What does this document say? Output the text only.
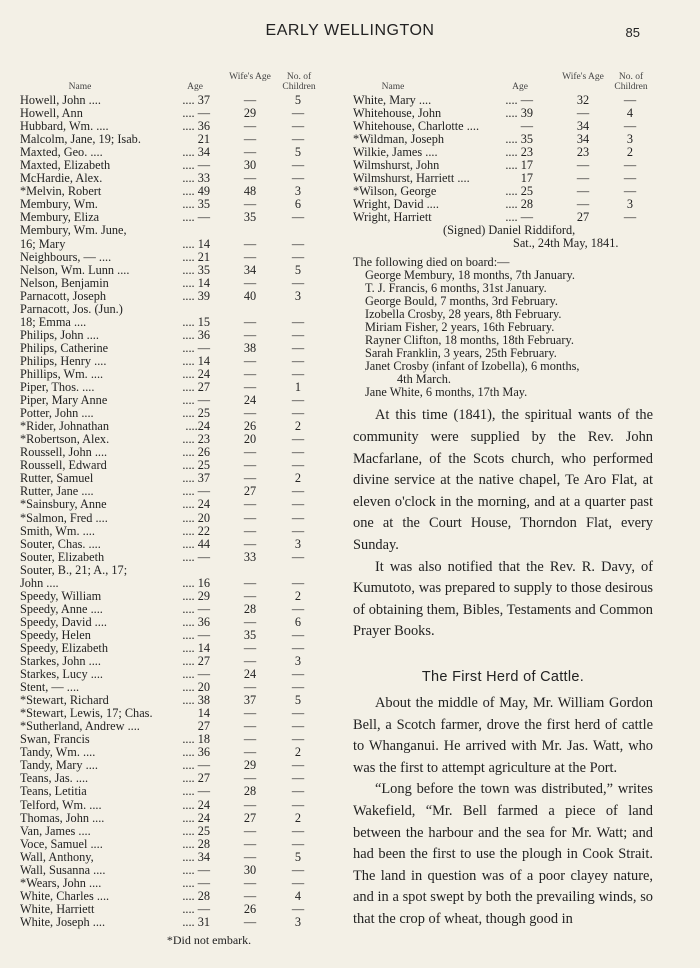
EARLY WELLINGTON	85
Name	Age
Wife's Age	No. of Children
Howell, John ....	.... 37	—	5
Howell, Ann	.... —	29	—
Hubbard, Wm. ....	.... 36	—	—
Malcolm, Jane, 19; Isab.	21	—	—
Maxted, Geo. ....	.... 34	—	5
Maxted, Elizabeth	.... —	30	—
McHardie, Alex.	.... 33	—	—
*Melvin, Robert	.... 49	48	3
Membury, Wm.	.... 35	—	6
Membury, Eliza	.... —	35	—
Membury, Wm. June,
16; Mary	.... 14	—	—
Neighbours, — ....	.... 21	—	—
Nelson, Wm. Lunn ....	.... 35	34	5
Nelson, Benjamin	.... 14	—	—
Parnacott, Joseph	.... 39	40	3
Parnacott, Jos. (Jun.)
18; Emma ....	.... 15	—	—
Philips, John ....	.... 36	—	—
Philips, Catherine	.... —	38	—
Philips, Henry ....	.... 14	—	—
Phillips, Wm. ....	.... 24	—	—
Piper, Thos. ....	.... 27	—	1
Piper, Mary Anne	.... —	24	—
Potter, John ....	.... 25	—	—
*Rider, Johnathan	....24	26	2
*Robertson, Alex.	.... 23	20	—
Roussell, John ....	.... 26	—	—
Roussell, Edward	.... 25	—	—
Rutter, Samuel	.... 37	—	2
Rutter, Jane ....	.... —	27	—
*Sainsbury, Anne	.... 24	—	—
*Salmon, Fred ....	.... 20	—	—
Smith, Wm. ....	.... 22	—	—
Souter, Chas. ....	.... 44	—	3
Souter, Elizabeth	.... —	33	—
Souter, B., 21; A., 17;
John ....	.... 16	—	—
Speedy, William	.... 29	—	2
Speedy, Anne ....	.... —	28	—
Speedy, David ....	.... 36	—	6
Speedy, Helen	.... —	35	—
Speedy, Elizabeth	.... 14	—	—
Starkes, John ....	.... 27	—	3
Starkes, Lucy ....	.... —	24	—
Stent, — ....	.... 20	—	—
*Stewart, Richard	.... 38	37	5
*Stewart, Lewis, 17; Chas.	14	—	—
*Sutherland, Andrew ....	27	—	—
Swan, Francis	.... 18	—	—
Tandy, Wm. ....	.... 36	—	2
Tandy, Mary ....	.... —	29	—
Teans, Jas. ....	.... 27	—	—
Teans, Letitia	.... —	28	—
Telford, Wm. ....	.... 24	—	—
Thomas, John ....	.... 24	27	2
Van, James ....	.... 25	—	—
Voce, Samuel ....	.... 28	—	—
Wall, Anthony,	.... 34	—	5
Wall, Susanna ....	.... —	30	—
*Wears, John ....	.... —	—	—
White, Charles ....	.... 28	—	4
White, Harriett	.... —	26	—
White, Joseph ....	.... 31	—	3
*Did not embark.
Name	Age
Wife's Age	No. of Children
White, Mary ....	.... —	32	—
Whitehouse, John	.... 39	—	4
Whitehouse, Charlotte ....	—	34	—
*Wildman, Joseph	.... 35	34	3
Wilkie, James ....	.... 23	23	2
Wilmshurst, John	.... 17	—	—
Wilmshurst, Harriett ....	17	—	—
*Wilson, George	.... 25	—	—
Wright, David ....	.... 28	—	3
Wright, Harriett	.... —	27	—
(Signed) Daniel Riddiford,
Sat., 24th May, 1841.
The following died on board:—
George Membury, 18 months, 7th January.
T. J. Francis, 6 months, 31st January.
George Bould, 7 months, 3rd February.
Izobella Crosby, 28 years, 8th February.
Miriam Fisher, 2 years, 16th February.
Rayner Clifton, 18 months, 18th February.
Sarah Franklin, 3 years, 25th February.
Janet Crosby (infant of Izobella), 6 months,
4th March.
Jane White, 6 months, 17th May.

At this time (1841), the spiritual wants of the community were supplied by the Rev. John Macfarlane, of the Scots church, who performed divine service at the native chapel, Te Aro Flat, at eleven o'clock in the morning, and at a quarter past one at the Court House, Thorndon Flat, every Sunday.

It was also notified that the Rev. R. Davy, of Kumutoto, was prepared to supply to those desirous of obtaining them, Bibles, Testaments and Common Prayer Books.

The First Herd of Cattle.

About the middle of May, Mr. William Gordon Bell, a Scotch farmer, drove the first herd of cattle to Whanganui. He arrived with Mr. Jas. Watt, who was the first to attempt agriculture at the Port.

“Long before the town was distributed,” writes Wakefield, “Mr. Bell farmed a piece of land between the harbour and the sea for Mr. Watt; and had been the first to use the plough in Cook Strait. The land in question was of a poor clayey nature, and in a spot swept by both the prevailing winds, so that the crop of wheat, though good in
